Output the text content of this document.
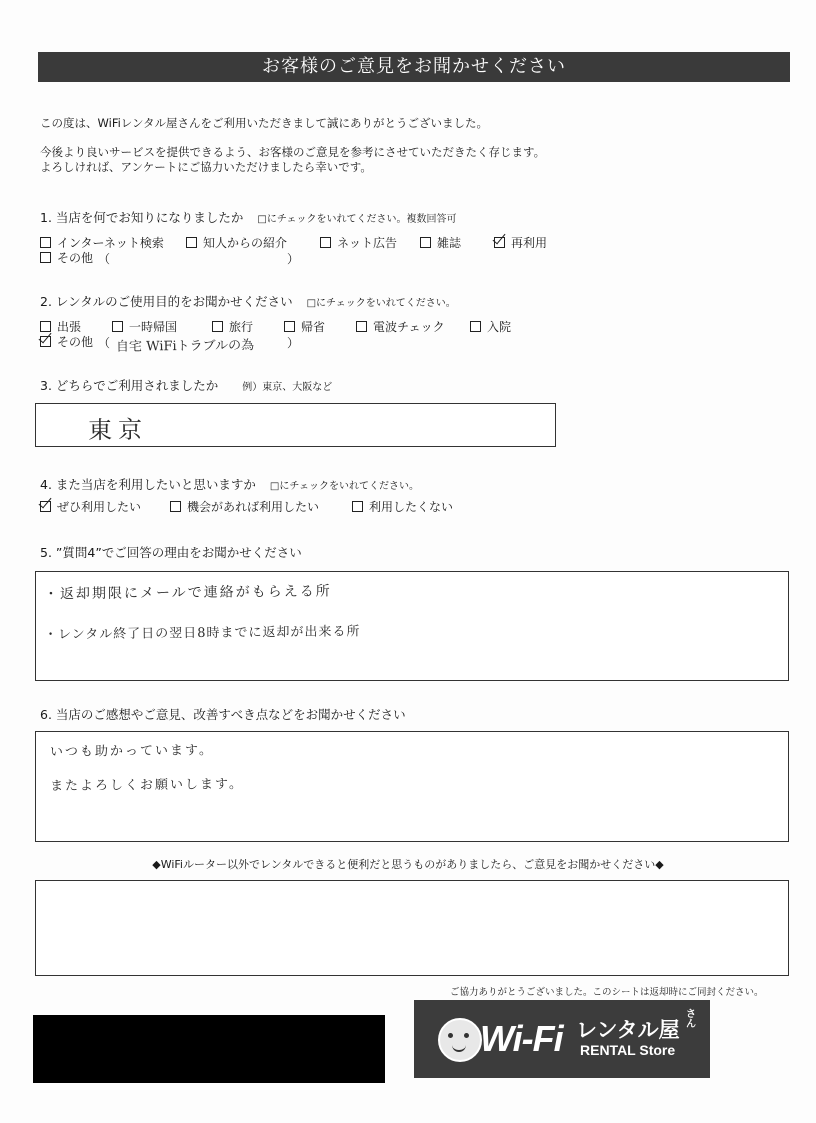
お客様のご意見をお聞かせください
この度は、WiFiレンタル屋さんをご利用いただきまして誠にありがとうございました。
今後より良いサービスを提供できるよう、お客様のご意見を参考にさせていただきたく存じます。
よろしければ、アンケートにご協力いただけましたら幸いです。
1. 当店を何でお知りになりましたか □にチェックをいれてください。複数回答可
インターネット検索	知人からの紹介	ネット広告	雑誌	再利用
その他 （	）
2. レンタルのご使用目的をお聞かせください □にチェックをいれてください。
出張	一時帰国	旅行	帰省	電波チェック	入院
その他 （ 自宅 WiFiトラブルの為	）
3. どちらでご利用されましたか 例）東京、大阪など
東京
4. また当店を利用したいと思いますか □にチェックをいれてください。
ぜひ利用したい	機会があれば利用したい	利用したくない
5. ”質問4”でご回答の理由をお聞かせください
・返却期限にメールで連絡がもらえる所
・レンタル終了日の翌日8時までに返却が出来る所
6. 当店のご感想やご意見、改善すべき点などをお聞かせください
いつも助かっています。
またよろしくお願いします。
◆WiFiルーター以外でレンタルできると便利だと思うものがありましたら、ご意見をお聞かせください◆
ご協力ありがとうございました。このシートは返却時にご同封ください。
Wi-Fi レンタル屋
さん
RENTAL Store
